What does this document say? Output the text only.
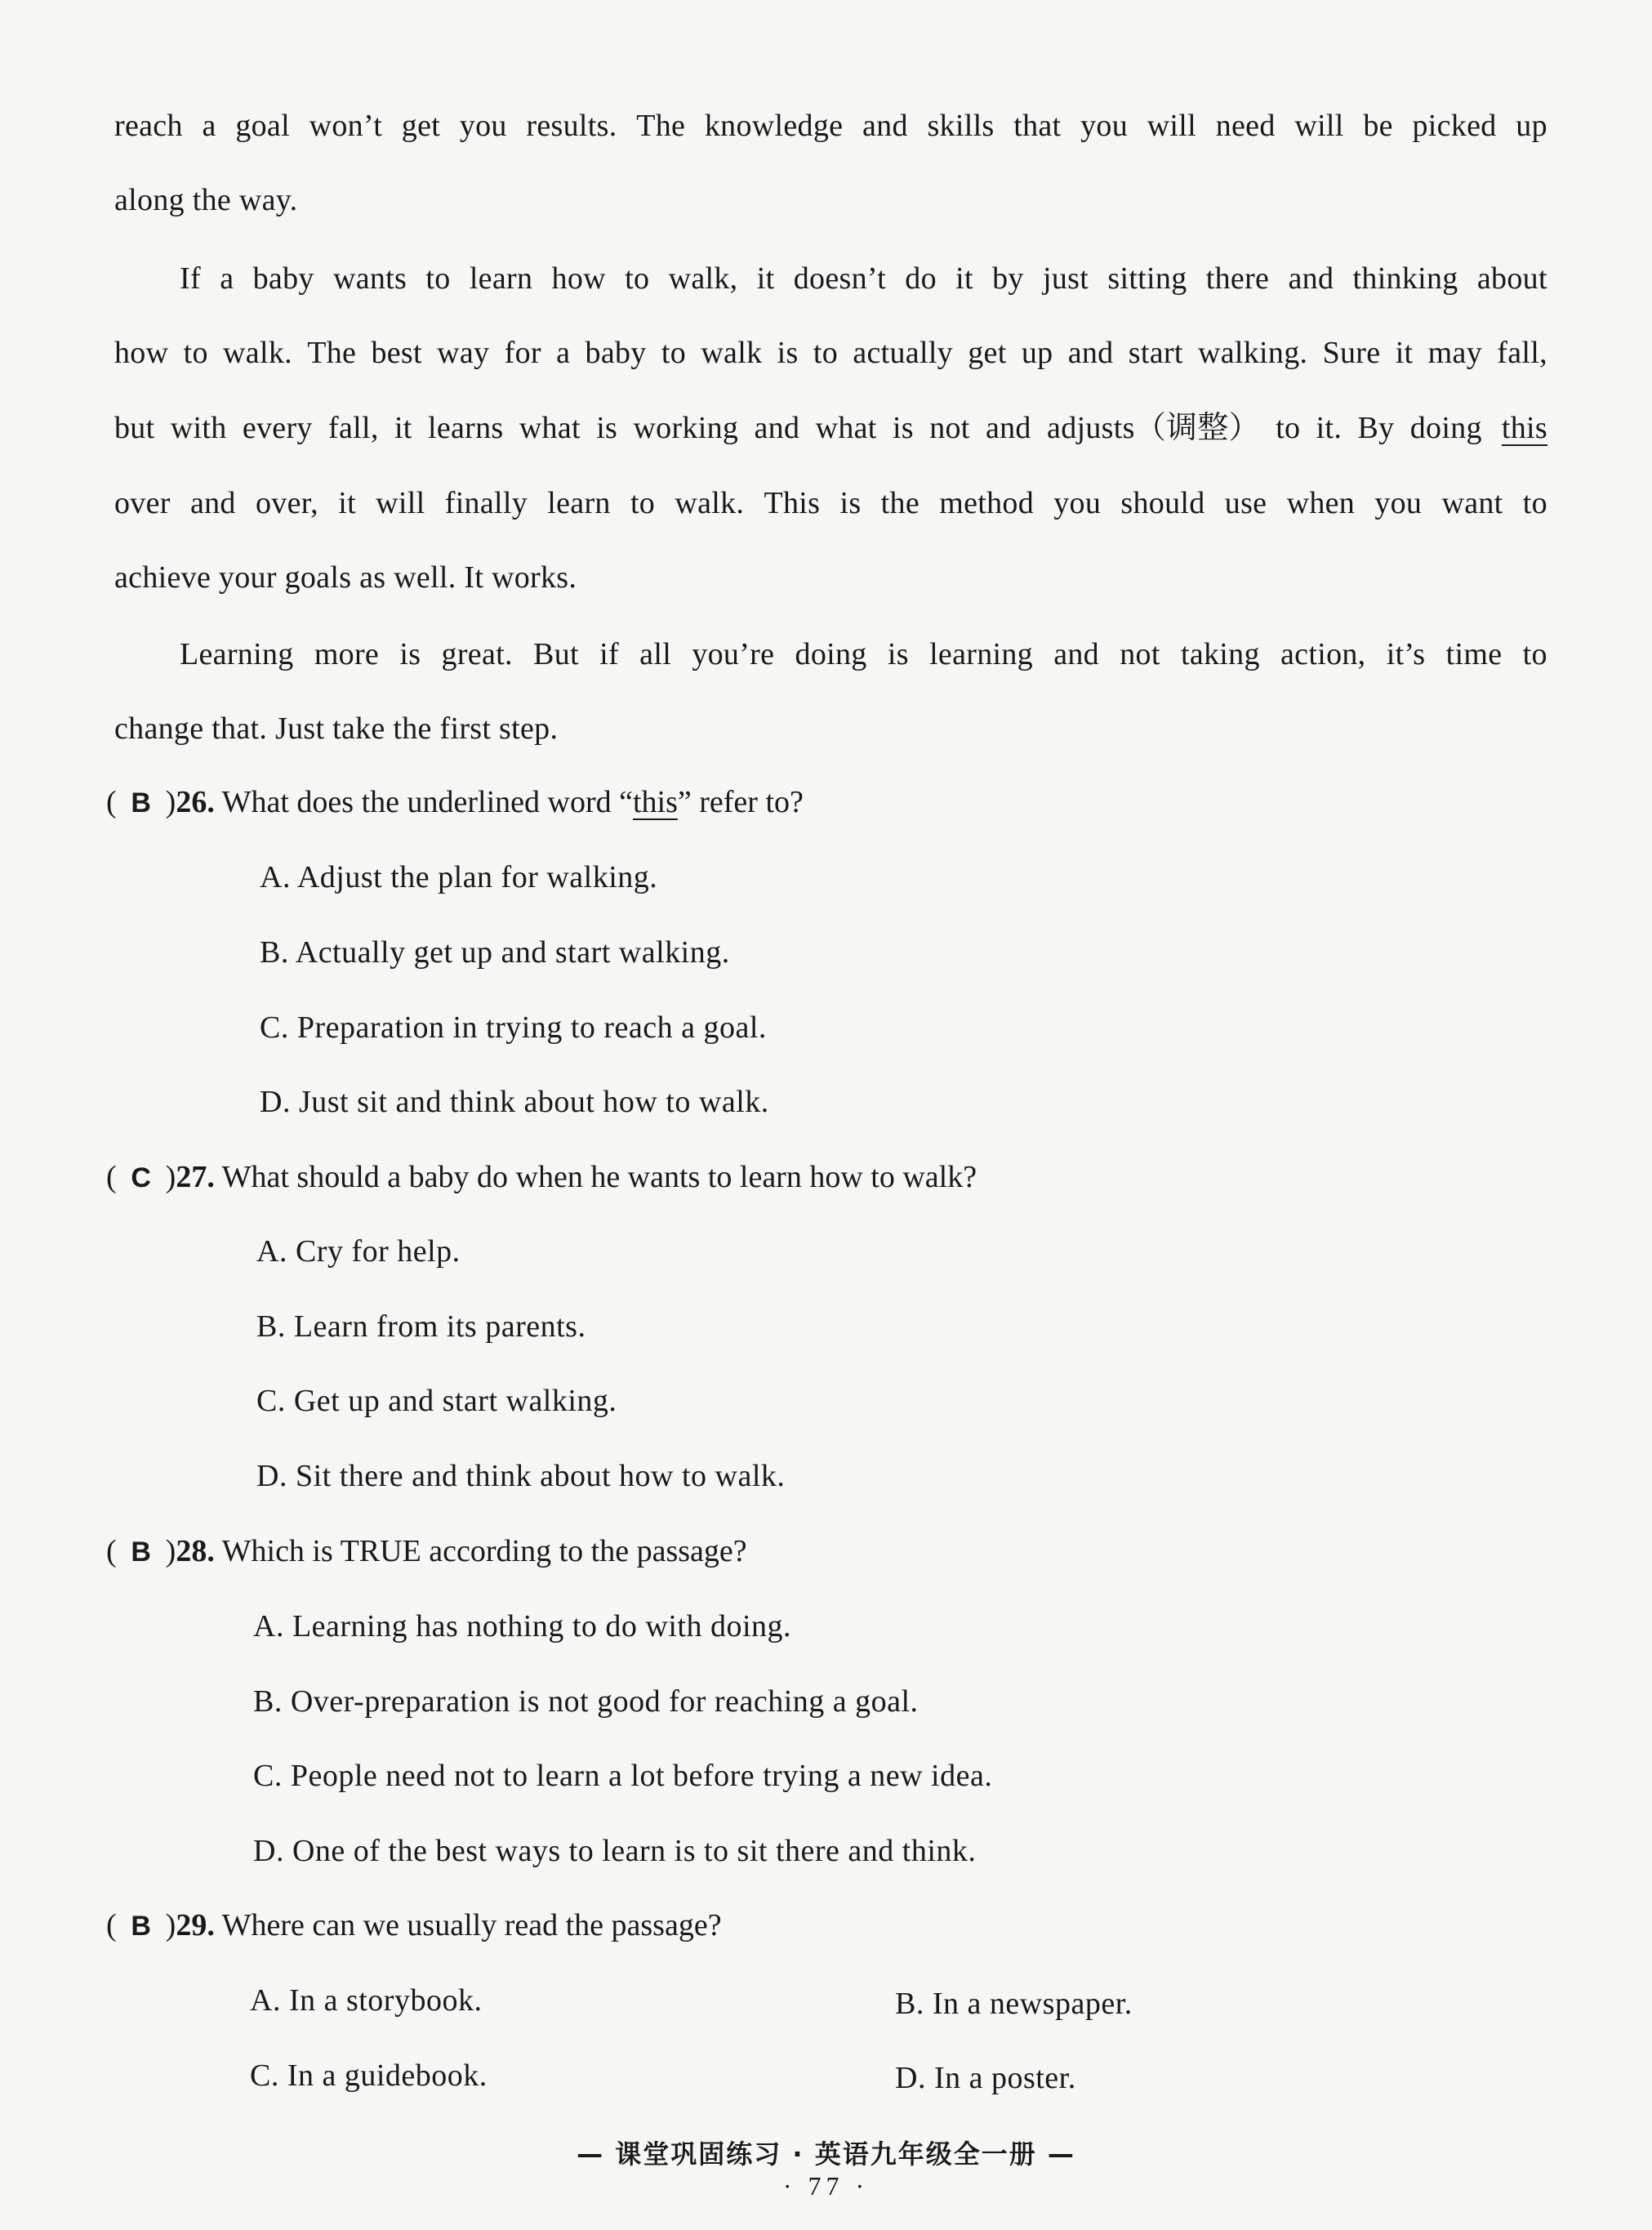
reach a goal won’t get you results. The knowledge and skills that you will need will be picked up
along the way.
If a baby wants to learn how to walk, it doesn’t do it by just sitting there and thinking about
how to walk. The best way for a baby to walk is to actually get up and start walking. Sure it may fall,
but with every fall, it learns what is working and what is not and adjusts（调整） to it. By doing this
over and over, it will finally learn to walk. This is the method you should use when you want to
achieve your goals as well. It works.
Learning more is great. But if all you’re doing is learning and not taking action, it’s time to
change that. Just take the first step.
( B )26. What does the underlined word “this” refer to?
A. Adjust the plan for walking.
B. Actually get up and start walking.
C. Preparation in trying to reach a goal.
D. Just sit and think about how to walk.
( C )27. What should a baby do when he wants to learn how to walk?
A. Cry for help.
B. Learn from its parents.
C. Get up and start walking.
D. Sit there and think about how to walk.
( B )28. Which is TRUE according to the passage?
A. Learning has nothing to do with doing.
B. Over-preparation is not good for reaching a goal.
C. People need not to learn a lot before trying a new idea.
D. One of the best ways to learn is to sit there and think.
( B )29. Where can we usually read the passage?
A. In a storybook.	B. In a newspaper.
C. In a guidebook.	D. In a poster.
— 课堂巩固练习 · 英语九年级全一册 —
· 77 ·
